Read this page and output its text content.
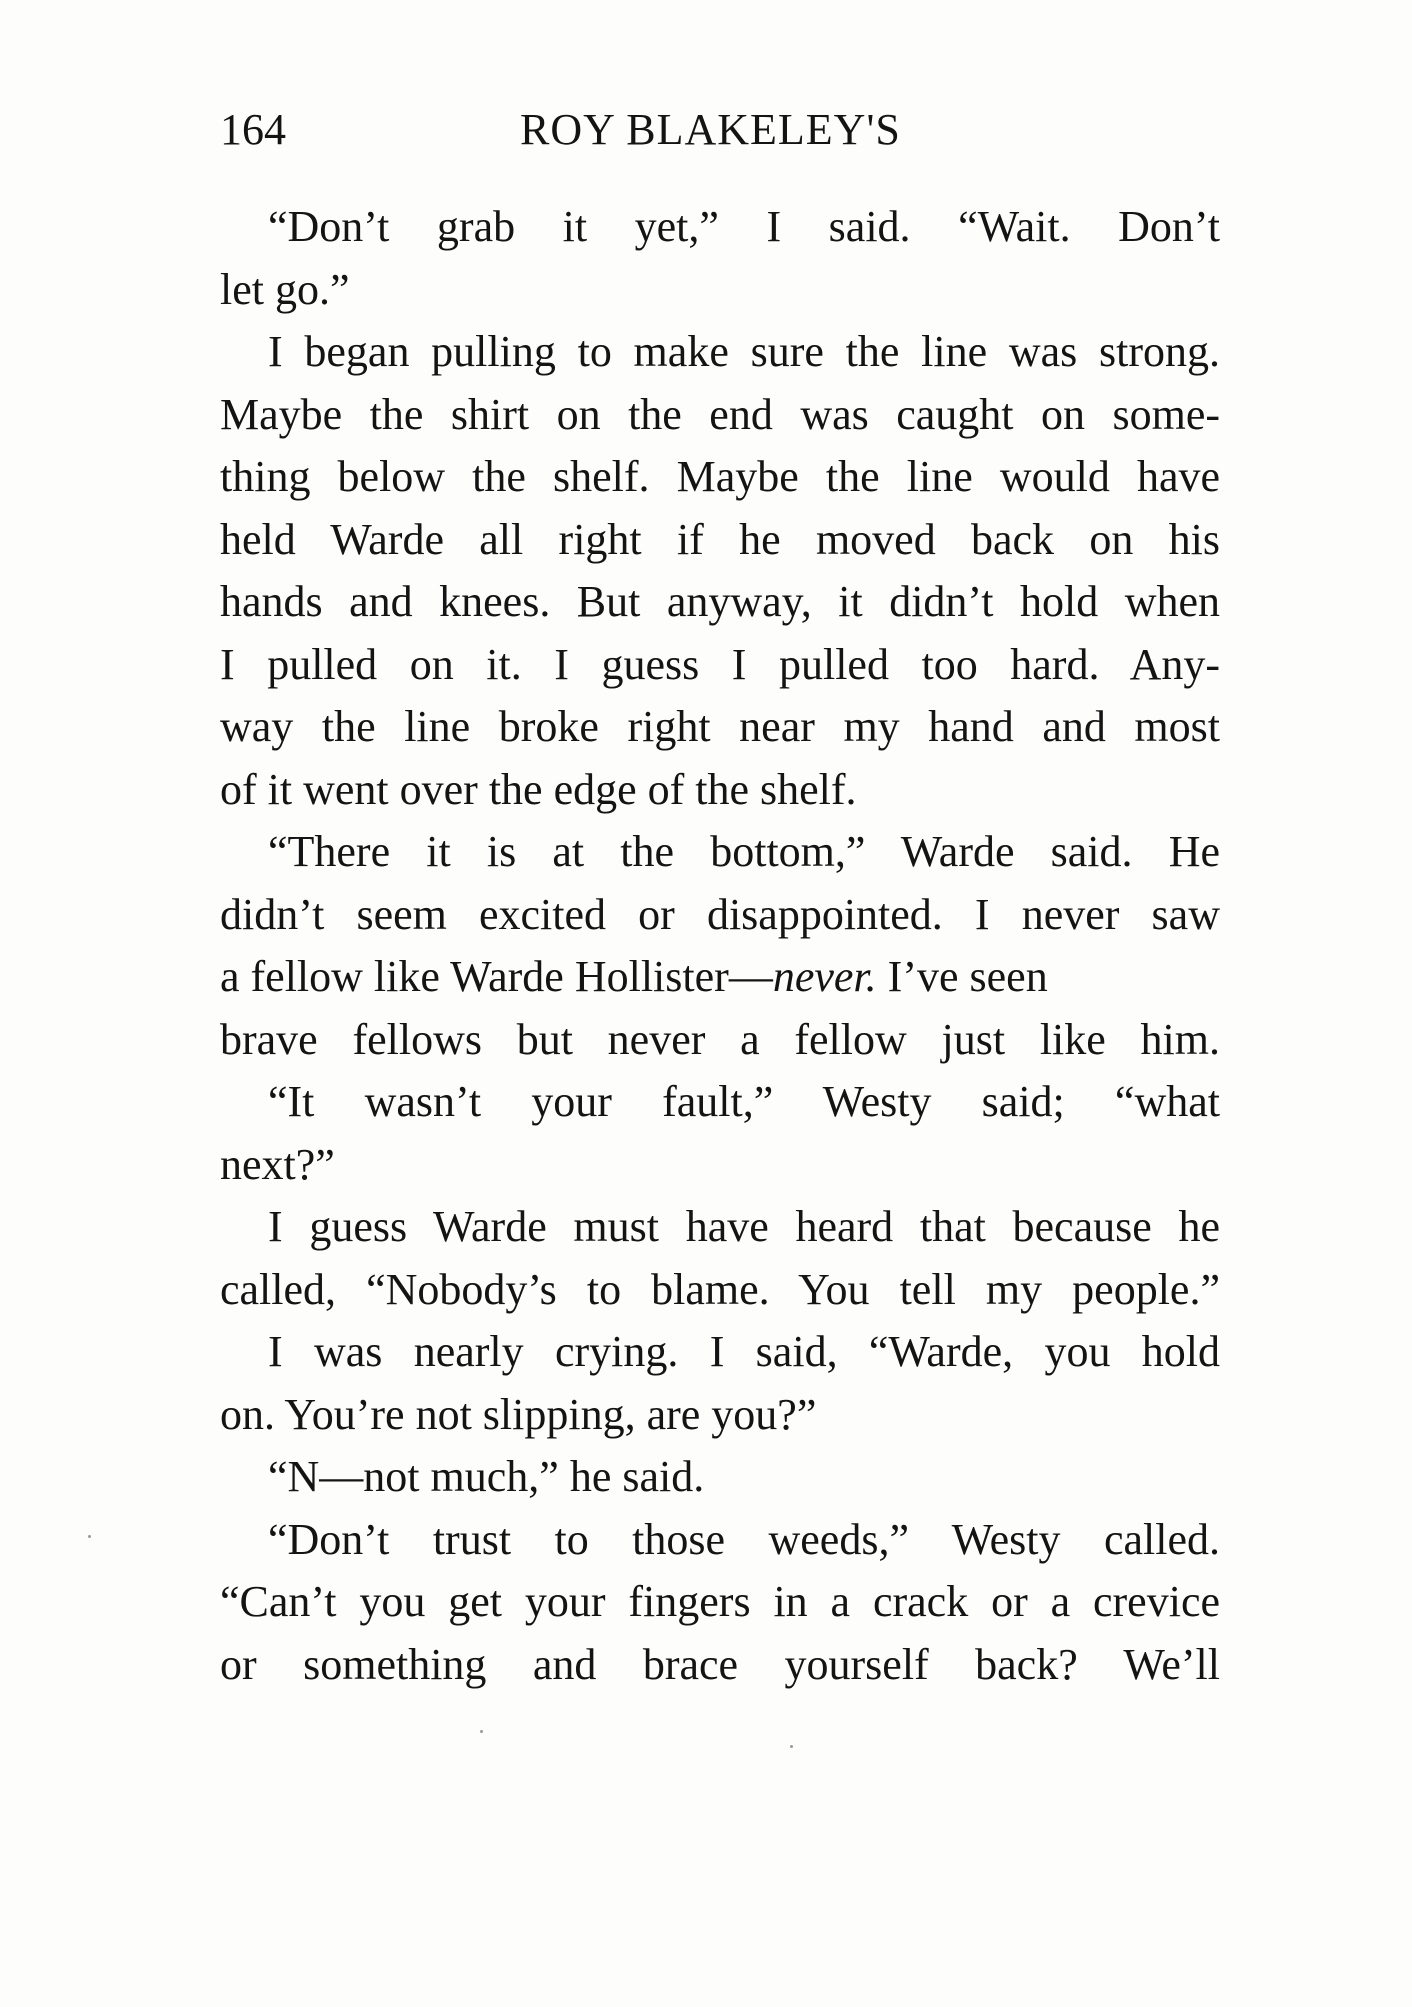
164	ROY BLAKELEY'S
“Don’t grab it yet,” I said. “Wait. Don’t
let go.”
I began pulling to make sure the line was strong.
Maybe the shirt on the end was caught on some-
thing below the shelf. Maybe the line would have
held Warde all right if he moved back on his
hands and knees. But anyway, it didn’t hold when
I pulled on it. I guess I pulled too hard. Any-
way the line broke right near my hand and most
of it went over the edge of the shelf.
“There it is at the bottom,” Warde said. He
didn’t seem excited or disappointed. I never saw
a fellow like Warde Hollister—never. I’ve seen
brave fellows but never a fellow just like him.
“It wasn’t your fault,” Westy said; “what
next?”
I guess Warde must have heard that because he
called, “Nobody’s to blame. You tell my people.”
I was nearly crying. I said, “Warde, you hold
on. You’re not slipping, are you?”
“N—not much,” he said.
“Don’t trust to those weeds,” Westy called.
“Can’t you get your fingers in a crack or a crevice
or something and brace yourself back? We’ll
